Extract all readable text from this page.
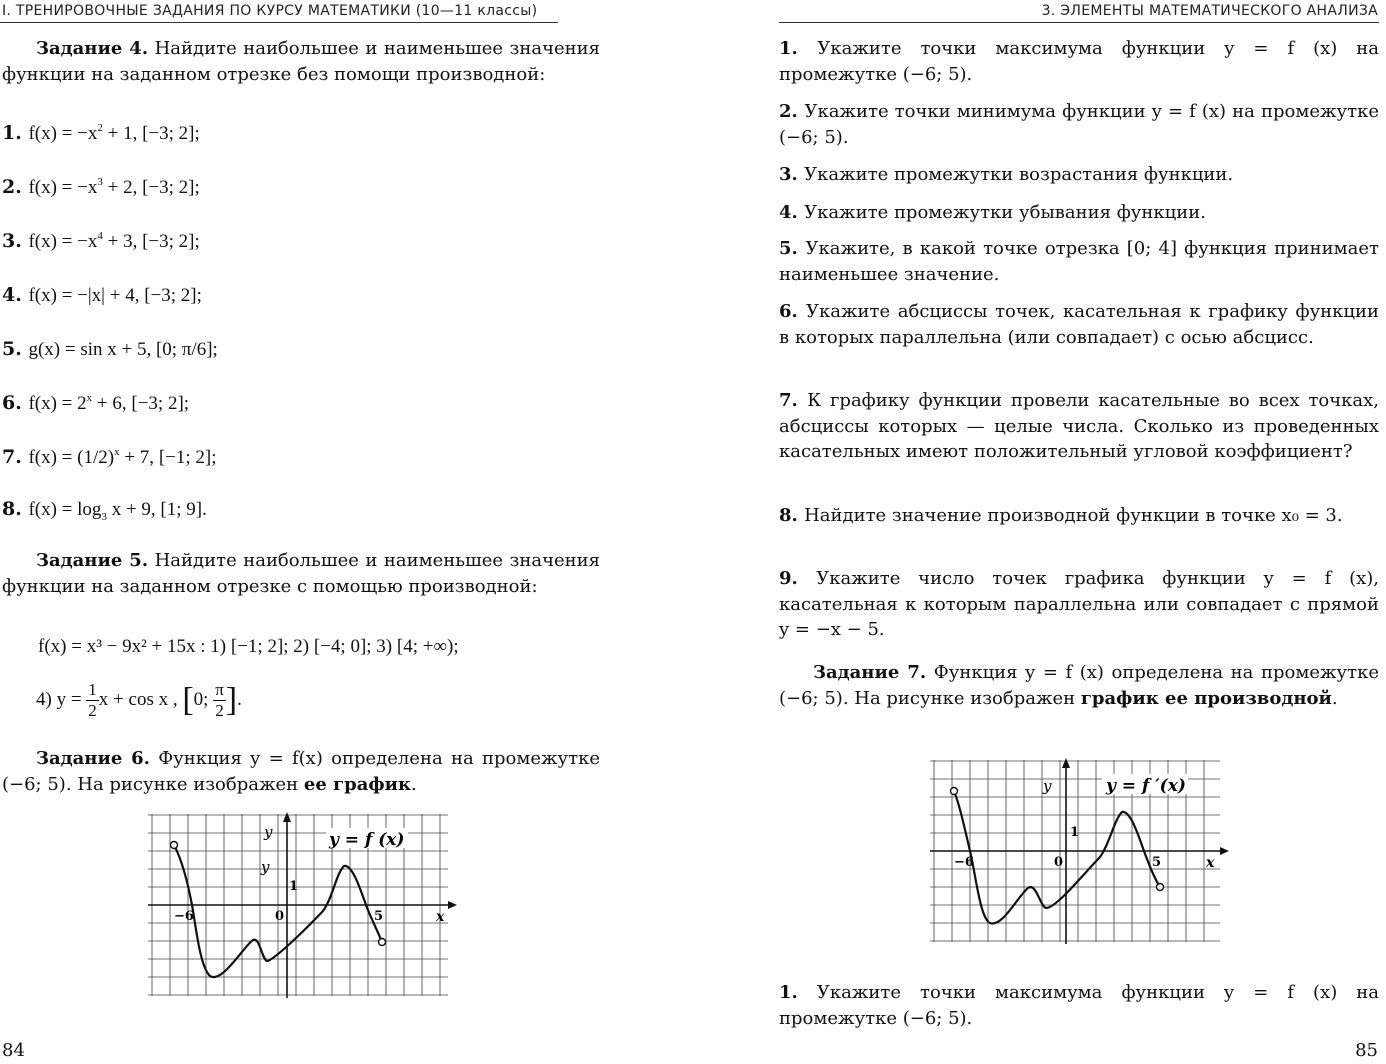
I. ТРЕНИРОВОЧНЫЕ ЗАДАНИЯ ПО КУРСУ МАТЕМАТИКИ (10—11 классы)
Задание 4. Найдите наибольшее и наименьшее значения функции на заданном отрезке без помощи производной:
1. $f(x) = -x^2 + 1$, [−3; 2];
2. $f(x) = -x^3 + 2$, [−3; 2];
3. $f(x) = -x^4 + 3$, [−3; 2];
4. f(x) = −|x| + 4, [−3; 2];
5. g(x) = sin x + 5, [0; π/6];
6. $f(x) = 2^x + 6$, [−3; 2];
7. $f(x) = (1/2)^x + 7$, [−1; 2];
8. $f(x) = \log_3 x + 9$, [1; 9].
Задание 5. Найдите наибольшее и наименьшее значения функции на заданном отрезке с помощью производной:
f(x) = x³ − 9x² + 15x : 1) [−1; 2]; 2) [−4; 0]; 3) [4; +∞);
4) $y = \frac{1}{2}$ x + cos x , [0; $\frac{\pi}{2}$ ].
Задание 6. Функция y = f(x) определена на промежутке (−6; 5). На рисунке изображен ее график.
y = f (x)
y
y
x
−6	0
1
5
84
3. ЭЛЕМЕНТЫ МАТЕМАТИЧЕСКОГО АНАЛИЗА
1. Укажите точки максимума функции y = f (x) на промежутке (−6; 5).
2. Укажите точки минимума функции y = f (x) на промежутке (−6; 5).
3. Укажите промежутки возрастания функции.
4. Укажите промежутки убывания функции.
5. Укажите, в какой точке отрезка [0; 4] функция принимает наименьшее значение.
6. Укажите абсциссы точек, касательная к графику функции в которых параллельна (или совпадает) с осью абсцисс.
7. К графику функции провели касательные во всех точках, абсциссы которых — целые числа. Сколько из проведенных касательных имеют положительный угловой коэффициент?
8. Найдите значение производной функции в точке x₀ = 3.
9. Укажите число точек графика функции y = f (x), касательная к которым параллельна или совпадает с прямой y = −x − 5.
Задание 7. Функция y = f (x) определена на промежутке (−6; 5). На рисунке изображен график ее производной.
y = f ′(x)
y
x
−6	0
1
5
1. Укажите точки максимума функции y = f (x) на промежутке (−6; 5).
85
